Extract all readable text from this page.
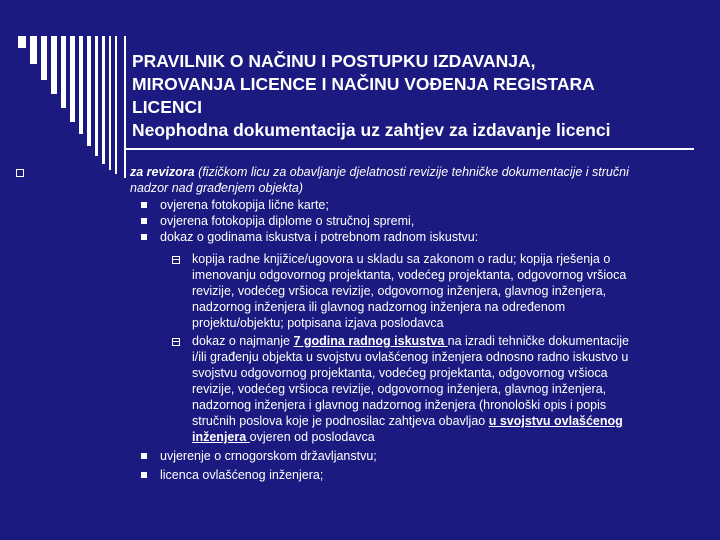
PRAVILNIK O NAČINU I POSTUPKU IZDAVANJA,
MIROVANJA LICENCE I NAČINU VOĐENJA REGISTARA
LICENCI
Neophodna dokumentacija uz zahtjev za izdavanje licenci
za revizora (fizičkom licu za obavljanje djelatnosti revizije tehničke dokumentacije i stručni
nadzor nad građenjem objekta)
ovjerena fotokopija lične karte;
ovjerena fotokopija diplome o stručnoj spremi,
dokaz o godinama iskustva i potrebnom radnom iskustvu:
kopija radne knjižice/ugovora u skladu sa zakonom o radu; kopija rješenja o
imenovanju odgovornog projektanta, vodećeg projektanta, odgovornog vršioca
revizije, vodećeg vršioca revizije, odgovornog inženjera, glavnog inženjera,
nadzornog inženjera ili glavnog nadzornog inženjera na određenom
projektu/objektu; potpisana izjava poslodavca
dokaz o najmanje 7 godina radnog iskustva na izradi tehničke dokumentacije
i/ili građenju objekta u svojstvu ovlašćenog inženjera odnosno radno iskustvo u
svojstvu odgovornog projektanta, vodećeg projektanta, odgovornog vršioca
revizije, vodećeg vršioca revizije, odgovornog inženjera, glavnog inženjera,
nadzornog inženjera i glavnog nadzornog inženjera (hronološki opis i popis
stručnih poslova koje je podnosilac zahtjeva obavljao u svojstvu ovlašćenog
inženjera ovjeren od poslodavca
uvjerenje o crnogorskom državljanstvu;
licenca ovlašćenog inženjera;
